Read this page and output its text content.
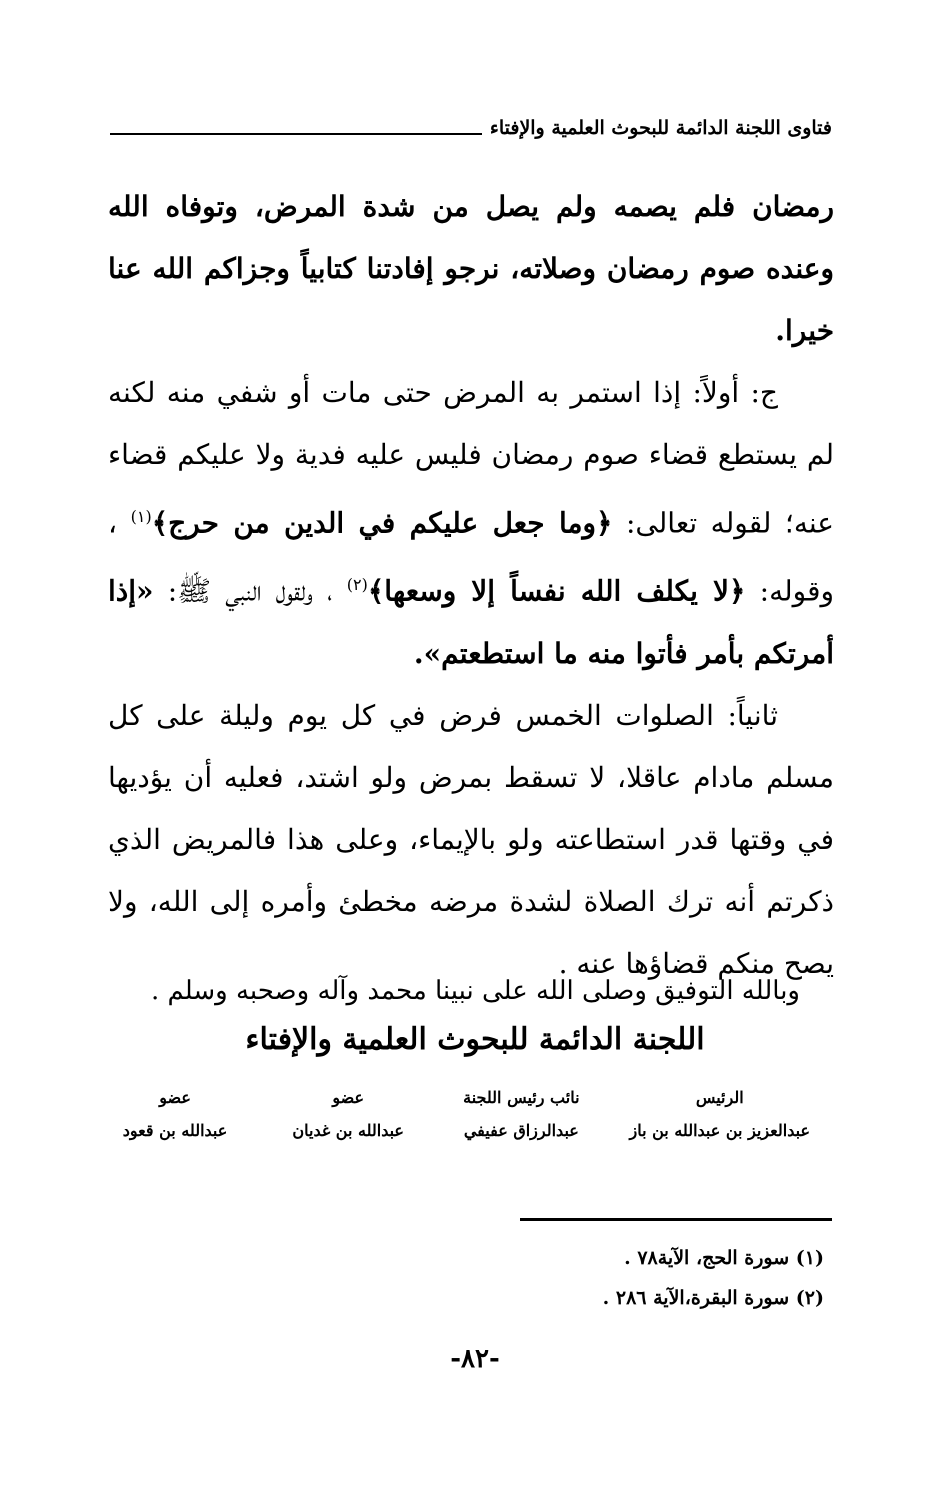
فتاوى اللجنة الدائمة للبحوث العلمية والإفتاء

رمضان فلم يصمه ولم يصل من شدة المرض، وتوفاه الله وعنده صوم رمضان وصلاته، نرجو إفادتنا كتابياً وجزاكم الله عنا خيرا.

ج: أولاً: إذا استمر به المرض حتى مات أو شفي منه لكنه لم يستطع قضاء صوم رمضان فليس عليه فدية ولا عليكم قضاء عنه؛ لقوله تعالى: ﴿وما جعل عليكم في الدين من حرج﴾$^{(١)}$ ، وقوله: ﴿لا يكلف الله نفساً إلا وسعها﴾$^{(٢)}$ ، ولقول النبي ﷺ: «إذا أمرتكم بأمر فأتوا منه ما استطعتم».

ثانياً: الصلوات الخمس فرض في كل يوم وليلة على كل مسلم مادام عاقلا، لا تسقط بمرض ولو اشتد، فعليه أن يؤديها في وقتها قدر استطاعته ولو بالإيماء، وعلى هذا فالمريض الذي ذكرتم أنه ترك الصلاة لشدة مرضه مخطئ وأمره إلى الله، ولا يصح منكم قضاؤها عنه .

وبالله التوفيق وصلى الله على نبينا محمد وآله وصحبه وسلم .
اللجنة الدائمة للبحوث العلمية والإفتاء
الرئيس
عبدالعزيز بن عبدالله بن باز
نائب رئيس اللجنة
عبدالرزاق عفيفي
عضو
عبدالله بن غديان
عضو
عبدالله بن قعود
(١) سورة الحج، الآية٧٨ .
(٢) سورة البقرة،الآية ٢٨٦ .
-٨٢-
